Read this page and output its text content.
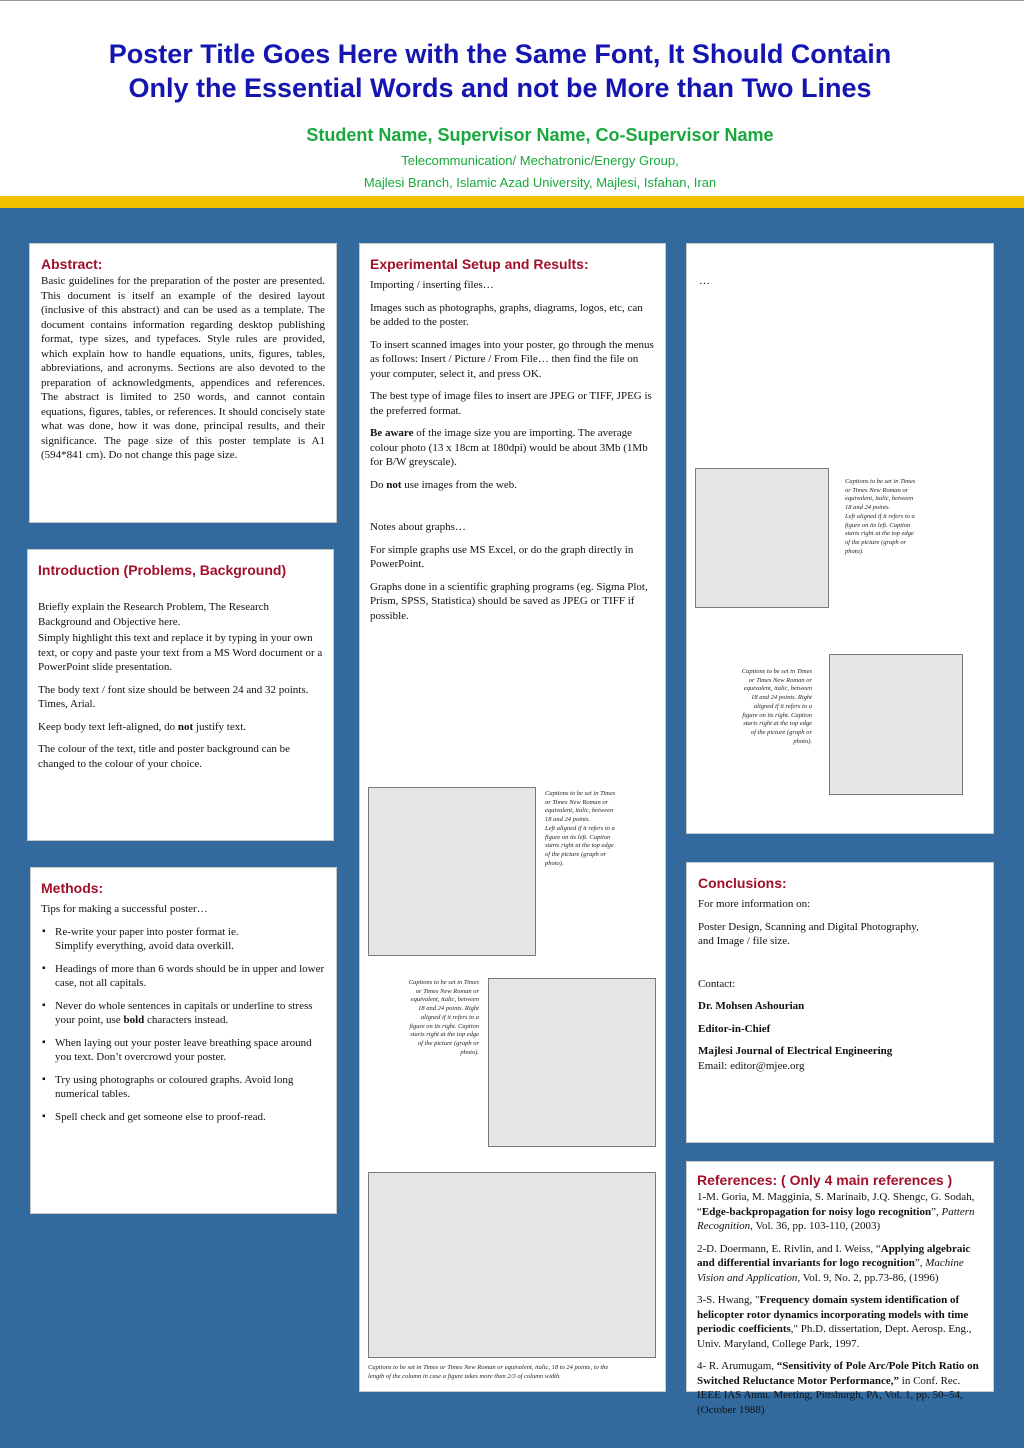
Poster Title Goes Here with the Same Font, It Should Contain
Only the Essential Words and not be More than Two Lines

Student Name, Supervisor Name, Co-Supervisor Name

Telecommunication/ Mechatronic/Energy Group,

Majlesi Branch, Islamic Azad University, Majlesi, Isfahan, Iran

Abstract:

Basic guidelines for the preparation of the poster are presented. This document is itself an example of the desired layout (inclusive of this abstract) and can be used as a template. The document contains information regarding desktop publishing format, type sizes, and typefaces. Style rules are provided, which explain how to handle equations, units, figures, tables, abbreviations, and acronyms. Sections are also devoted to the preparation of acknowledgments, appendices and references. The abstract is limited to 250 words, and cannot contain equations, figures, tables, or references. It should concisely state what was done, how it was done, principal results, and their significance. The page size of this poster template is A1 (594*841 cm). Do not change this page size.

Introduction (Problems, Background)

Briefly explain the Research Problem, The Research Background and Objective here.

Simply highlight this text and replace it by typing in your own text, or copy and paste your text from a MS Word document or a PowerPoint slide presentation.

The body text / font size should be between 24 and 32 points. Times, Arial.

Keep body text left-aligned, do not justify text.

The colour of the text, title and poster background can be changed to the colour of your choice.

Methods:

Tips for making a successful poster…

▪ Re-write your paper into poster format ie.
Simplify everything, avoid data overkill.
▪ Headings of more than 6 words should be in upper and lower case, not all capitals.
▪ Never do whole sentences in capitals or underline to stress your point, use bold characters instead.
▪ When laying out your poster leave breathing space around you text. Don’t overcrowd your poster.
▪ Try using photographs or coloured graphs. Avoid long numerical tables.
▪ Spell check and get someone else to proof-read.
Experimental Setup and Results:

Importing / inserting files…

Images such as photographs, graphs, diagrams, logos, etc, can be added to the poster.

To insert scanned images into your poster, go through the menus as follows: Insert / Picture / From File… then find the file on your computer, select it, and press OK.

The best type of image files to insert are JPEG or TIFF, JPEG is the preferred format.

Be aware of the image size you are importing. The average colour photo (13 x 18cm at 180dpi) would be about 3Mb (1Mb for B/W greyscale).

Do not use images from the web.

Notes about graphs…

For simple graphs use MS Excel, or do the graph directly in PowerPoint.

Graphs done in a scientific graphing programs (eg. Sigma Plot, Prism, SPSS, Statistica) should be saved as JPEG or TIFF if possible.

Captions to be set in Times
or Times New Roman or
equivalent, italic, between
18 and 24 points.
Left aligned if it refers to a
figure on its left. Caption
starts right at the top edge
of the picture (graph or
photo).

Captions to be set in Times
or Times New Roman or
equivalent, italic, between
18 and 24 points. Right
aligned if it refers to a
figure on its right. Caption
starts right at the top edge
of the picture (graph or
photo).

Captions to be set in Times or Times New Roman or equivalent, italic, 18 to 24 points, to the
length of the column in case a figure takes more than 2/3 of column width.

…

Captions to be set in Times
or Times New Roman or
equivalent, italic, between
18 and 24 points.
Left aligned if it refers to a
figure on its left. Caption
starts right at the top edge
of the picture (graph or
photo).

Captions to be set in Times
or Times New Roman or
equivalent, italic, between
18 and 24 points. Right
aligned if it refers to a
figure on its right. Caption
starts right at the top edge
of the picture (graph or
photo).

Conclusions:

For more information on:

Poster Design, Scanning and Digital Photography,
and Image / file size.

Contact:

Dr. Mohsen Ashourian

Editor-in-Chief

Majlesi Journal of Electrical Engineering
Email: editor@mjee.org

References: ( Only 4 main references )

1-M. Goria, M. Magginia, S. Marinaib, J.Q. Shengc, G. Sodah, “Edge-backpropagation for noisy logo recognition”, Pattern Recognition, Vol. 36, pp. 103-110, (2003)

2-D. Doermann, E. Rivlin, and I. Weiss, “Applying algebraic and differential invariants for logo recognition”, Machine Vision and Application, Vol. 9, No. 2, pp.73-86, (1996)

3-S. Hwang, "Frequency domain system identification of helicopter rotor dynamics incorporating models with time periodic coefficients," Ph.D. dissertation, Dept. Aerosp. Eng., Univ. Maryland, College Park, 1997.

4- R. Arumugam, “Sensitivity of Pole Arc/Pole Pitch Ratio on Switched Reluctance Motor Performance,” in Conf. Rec. IEEE IAS Annu. Meeting, Pittsburgh, PA, Vol. 1, pp. 50–54, (October 1988)
